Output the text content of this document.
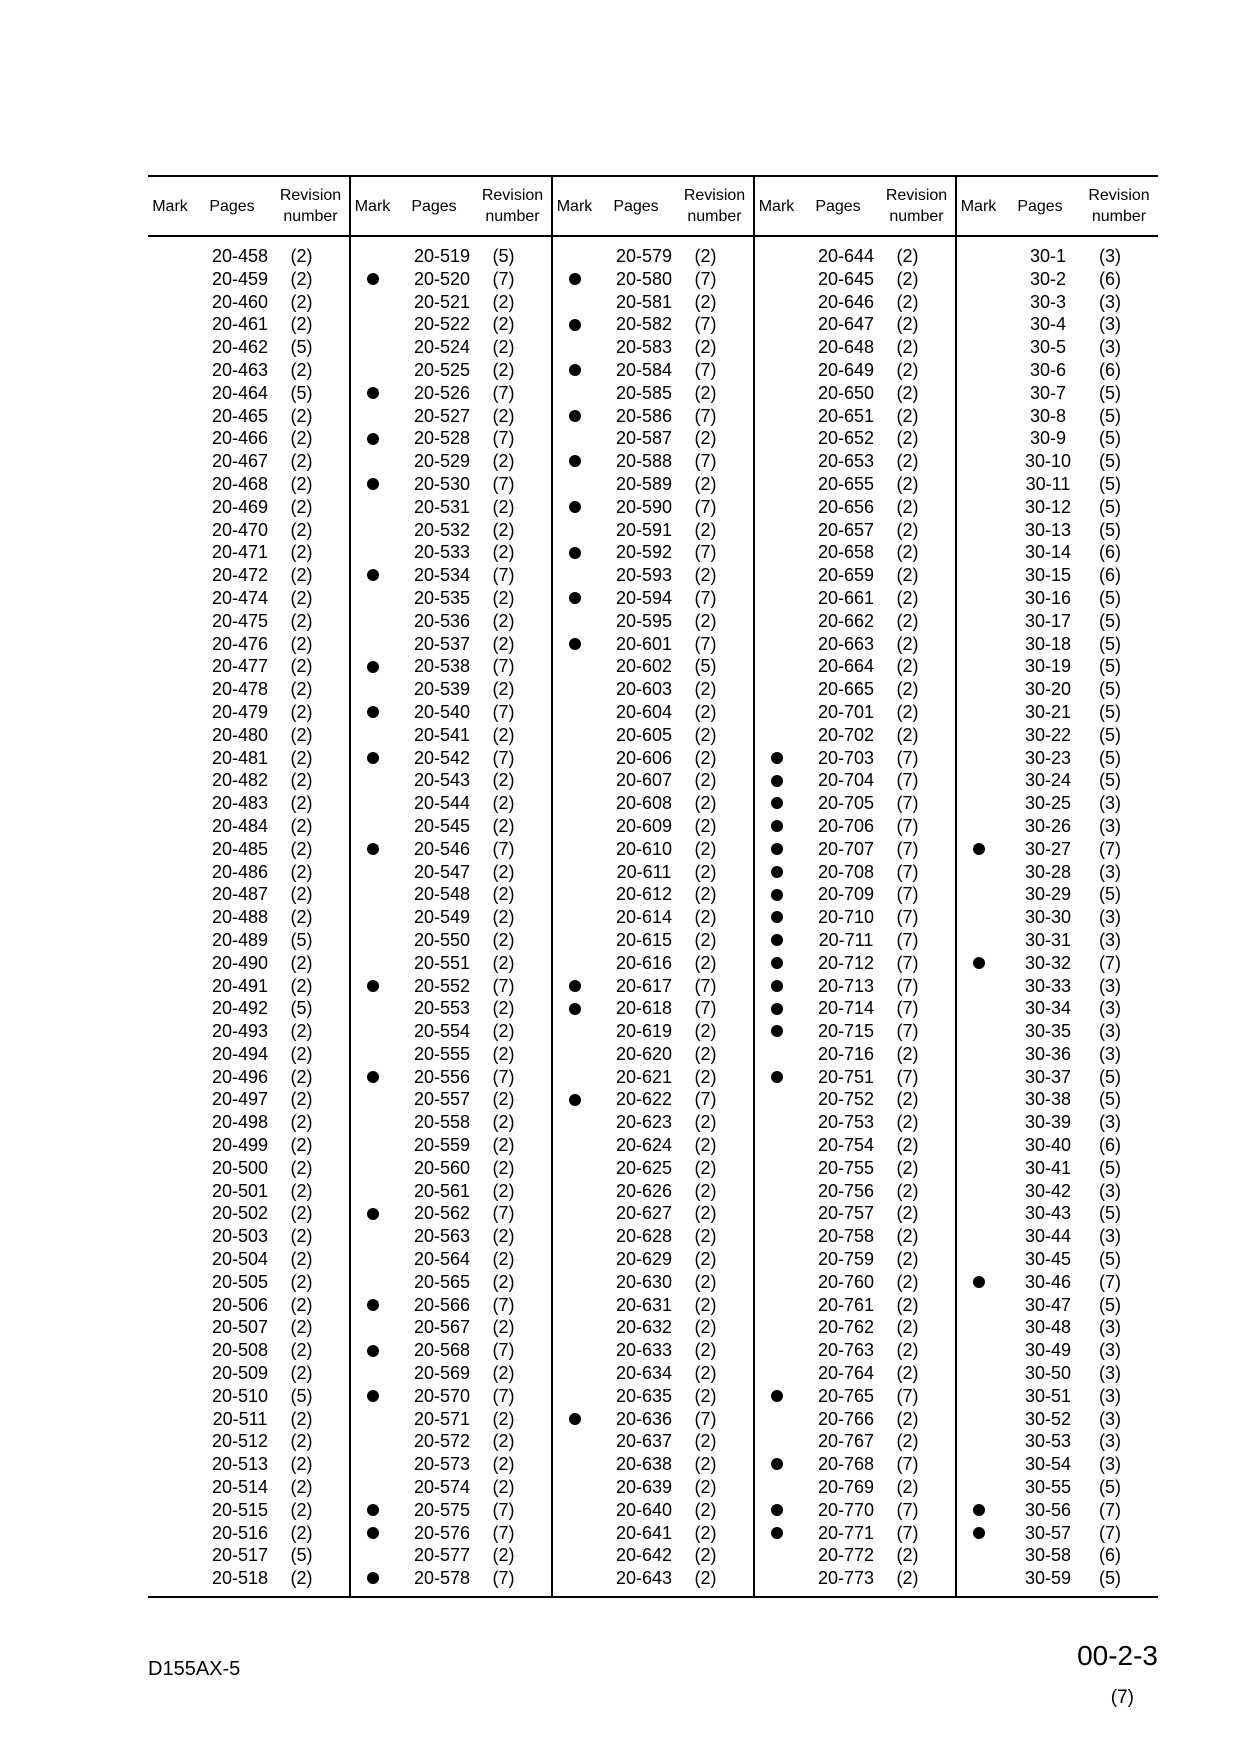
Mark	Pages	Revision
number	Mark	Pages	Revision
number	Mark	Pages	Revision
number	Mark	Pages	Revision
number	Mark	Pages	Revision
number
	20-458	(2)		20-519	(5)		20-579	(2)		20-644	(2)		30-1	(3)
	20-459	(2)		20-520	(7)		20-580	(7)		20-645	(2)		30-2	(6)
	20-460	(2)		20-521	(2)		20-581	(2)		20-646	(2)		30-3	(3)
	20-461	(2)		20-522	(2)		20-582	(7)		20-647	(2)		30-4	(3)
	20-462	(5)		20-524	(2)		20-583	(2)		20-648	(2)		30-5	(3)
	20-463	(2)		20-525	(2)		20-584	(7)		20-649	(2)		30-6	(6)
	20-464	(5)		20-526	(7)		20-585	(2)		20-650	(2)		30-7	(5)
	20-465	(2)		20-527	(2)		20-586	(7)		20-651	(2)		30-8	(5)
	20-466	(2)		20-528	(7)		20-587	(2)		20-652	(2)		30-9	(5)
	20-467	(2)		20-529	(2)		20-588	(7)		20-653	(2)		30-10	(5)
	20-468	(2)		20-530	(7)		20-589	(2)		20-655	(2)		30-11	(5)
	20-469	(2)		20-531	(2)		20-590	(7)		20-656	(2)		30-12	(5)
	20-470	(2)		20-532	(2)		20-591	(2)		20-657	(2)		30-13	(5)
	20-471	(2)		20-533	(2)		20-592	(7)		20-658	(2)		30-14	(6)
	20-472	(2)		20-534	(7)		20-593	(2)		20-659	(2)		30-15	(6)
	20-474	(2)		20-535	(2)		20-594	(7)		20-661	(2)		30-16	(5)
	20-475	(2)		20-536	(2)		20-595	(2)		20-662	(2)		30-17	(5)
	20-476	(2)		20-537	(2)		20-601	(7)		20-663	(2)		30-18	(5)
	20-477	(2)		20-538	(7)		20-602	(5)		20-664	(2)		30-19	(5)
	20-478	(2)		20-539	(2)		20-603	(2)		20-665	(2)		30-20	(5)
	20-479	(2)		20-540	(7)		20-604	(2)		20-701	(2)		30-21	(5)
	20-480	(2)		20-541	(2)		20-605	(2)		20-702	(2)		30-22	(5)
	20-481	(2)		20-542	(7)		20-606	(2)		20-703	(7)		30-23	(5)
	20-482	(2)		20-543	(2)		20-607	(2)		20-704	(7)		30-24	(5)
	20-483	(2)		20-544	(2)		20-608	(2)		20-705	(7)		30-25	(3)
	20-484	(2)		20-545	(2)		20-609	(2)		20-706	(7)		30-26	(3)
	20-485	(2)		20-546	(7)		20-610	(2)		20-707	(7)		30-27	(7)
	20-486	(2)		20-547	(2)		20-611	(2)		20-708	(7)		30-28	(3)
	20-487	(2)		20-548	(2)		20-612	(2)		20-709	(7)		30-29	(5)
	20-488	(2)		20-549	(2)		20-614	(2)		20-710	(7)		30-30	(3)
	20-489	(5)		20-550	(2)		20-615	(2)		20-711	(7)		30-31	(3)
	20-490	(2)		20-551	(2)		20-616	(2)		20-712	(7)		30-32	(7)
	20-491	(2)		20-552	(7)		20-617	(7)		20-713	(7)		30-33	(3)
	20-492	(5)		20-553	(2)		20-618	(7)		20-714	(7)		30-34	(3)
	20-493	(2)		20-554	(2)		20-619	(2)		20-715	(7)		30-35	(3)
	20-494	(2)		20-555	(2)		20-620	(2)		20-716	(2)		30-36	(3)
	20-496	(2)		20-556	(7)		20-621	(2)		20-751	(7)		30-37	(5)
	20-497	(2)		20-557	(2)		20-622	(7)		20-752	(2)		30-38	(5)
	20-498	(2)		20-558	(2)		20-623	(2)		20-753	(2)		30-39	(3)
	20-499	(2)		20-559	(2)		20-624	(2)		20-754	(2)		30-40	(6)
	20-500	(2)		20-560	(2)		20-625	(2)		20-755	(2)		30-41	(5)
	20-501	(2)		20-561	(2)		20-626	(2)		20-756	(2)		30-42	(3)
	20-502	(2)		20-562	(7)		20-627	(2)		20-757	(2)		30-43	(5)
	20-503	(2)		20-563	(2)		20-628	(2)		20-758	(2)		30-44	(3)
	20-504	(2)		20-564	(2)		20-629	(2)		20-759	(2)		30-45	(5)
	20-505	(2)		20-565	(2)		20-630	(2)		20-760	(2)		30-46	(7)
	20-506	(2)		20-566	(7)		20-631	(2)		20-761	(2)		30-47	(5)
	20-507	(2)		20-567	(2)		20-632	(2)		20-762	(2)		30-48	(3)
	20-508	(2)		20-568	(7)		20-633	(2)		20-763	(2)		30-49	(3)
	20-509	(2)		20-569	(2)		20-634	(2)		20-764	(2)		30-50	(3)
	20-510	(5)		20-570	(7)		20-635	(2)		20-765	(7)		30-51	(3)
	20-511	(2)		20-571	(2)		20-636	(7)		20-766	(2)		30-52	(3)
	20-512	(2)		20-572	(2)		20-637	(2)		20-767	(2)		30-53	(3)
	20-513	(2)		20-573	(2)		20-638	(2)		20-768	(7)		30-54	(3)
	20-514	(2)		20-574	(2)		20-639	(2)		20-769	(2)		30-55	(5)
	20-515	(2)		20-575	(7)		20-640	(2)		20-770	(7)		30-56	(7)
	20-516	(2)		20-576	(7)		20-641	(2)		20-771	(7)		30-57	(7)
	20-517	(5)		20-577	(2)		20-642	(2)		20-772	(2)		30-58	(6)
	20-518	(2)		20-578	(7)		20-643	(2)		20-773	(2)		30-59	(5)
D155AX-5	00-2-3
(7)
